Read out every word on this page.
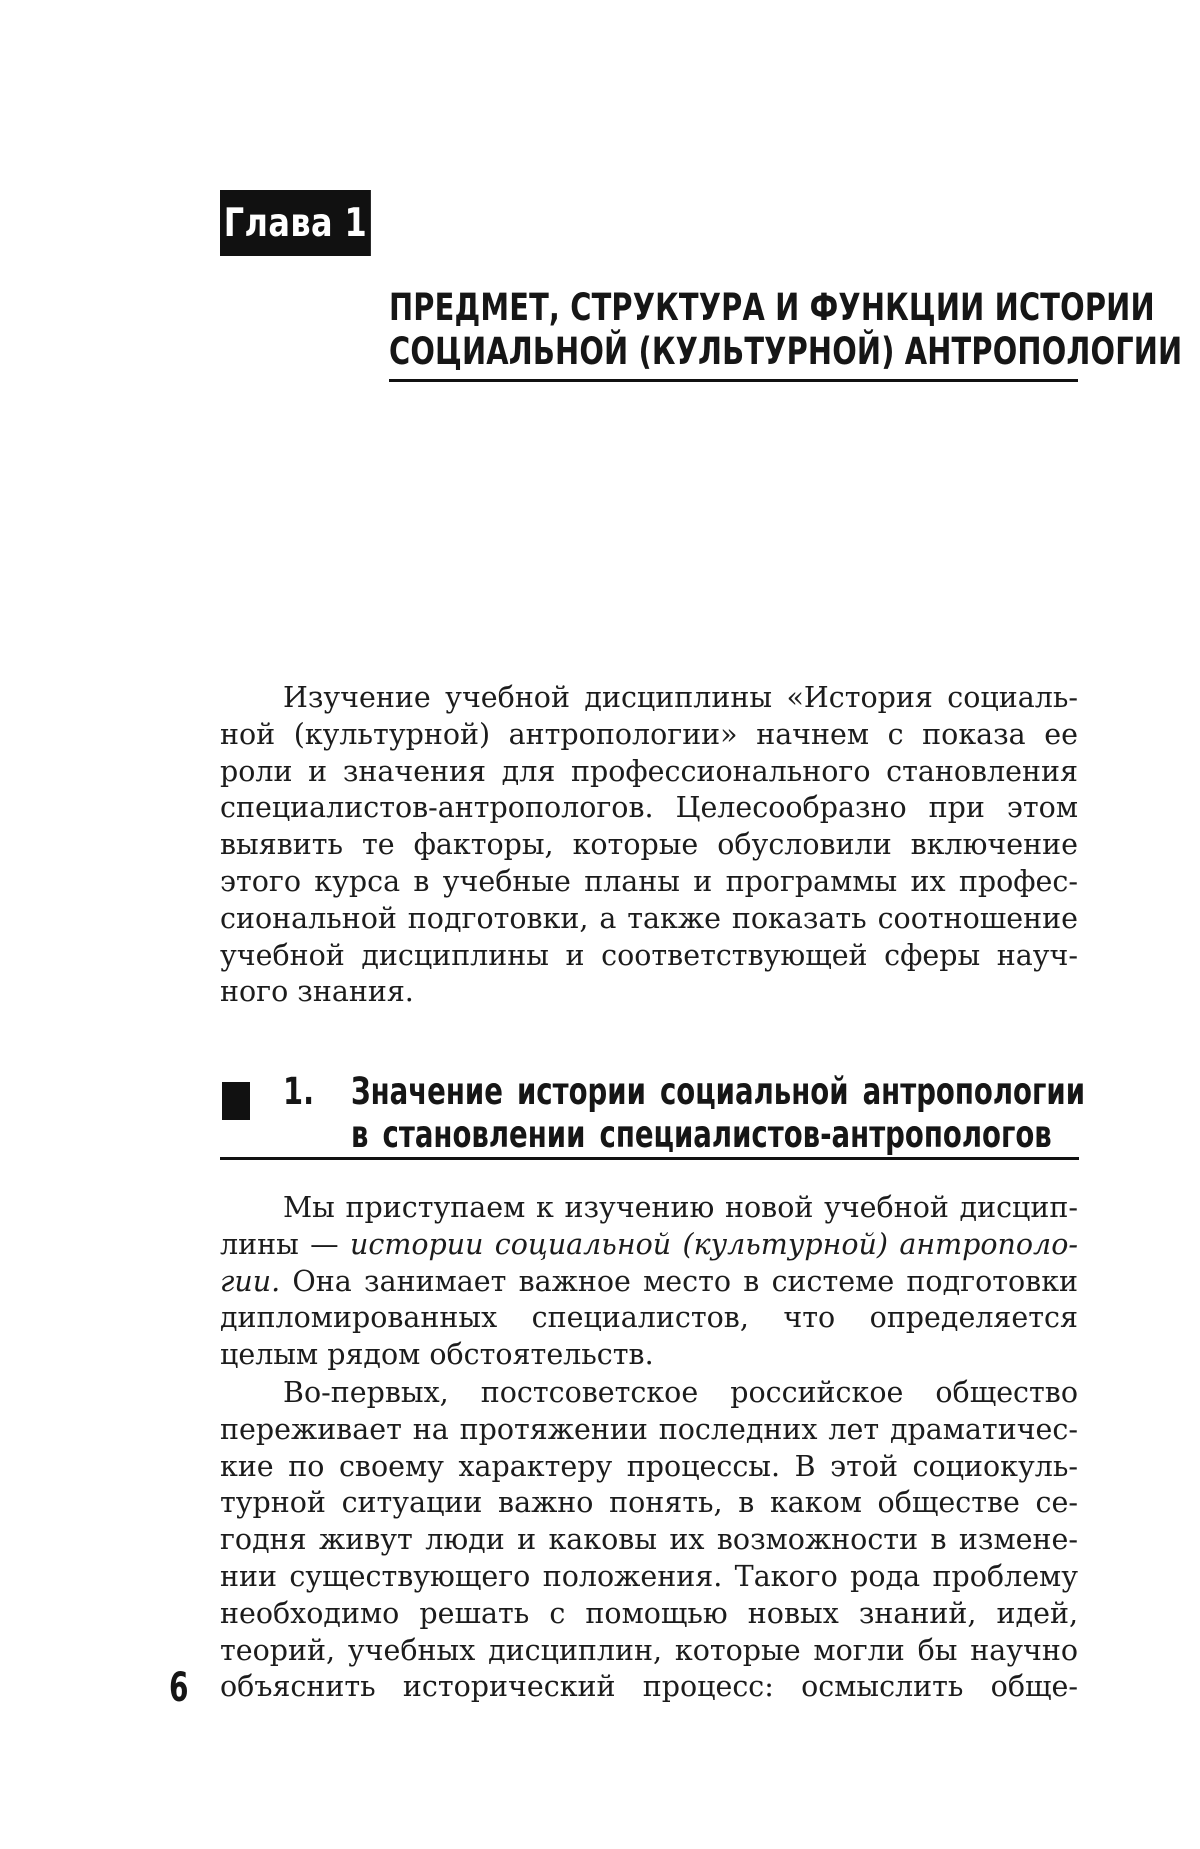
Глава 1
ПРЕДМЕТ, СТРУКТУРА И ФУНКЦИИ ИСТОРИИ
СОЦИАЛЬНОЙ (КУЛЬТУРНОЙ) АНТРОПОЛОГИИ
Изучение учебной дисциплины «История социаль-
ной (культурной) антропологии» начнем с показа ее
роли и значения для профессионального становления
специалистов-антропологов. Целесообразно при этом
выявить те факторы, которые обусловили включение
этого курса в учебные планы и программы их профес-
сиональной подготовки, а также показать соотношение
учебной дисциплины и соответствующей сферы науч-
ного знания.
1. Значение истории социальной антропологии
в становлении специалистов-антропологов
Мы приступаем к изучению новой учебной дисцип-
лины — истории социальной (культурной) антрополо-
гии. Она занимает важное место в системе подготовки
дипломированных специалистов, что определяется
целым рядом обстоятельств.
Во-первых, постсоветское российское общество
переживает на протяжении последних лет драматичес-
кие по своему характеру процессы. В этой социокуль-
турной ситуации важно понять, в каком обществе се-
годня живут люди и каковы их возможности в измене-
нии существующего положения. Такого рода проблему
необходимо решать с помощью новых знаний, идей,
теорий, учебных дисциплин, которые могли бы научно
объяснить исторический процесс: осмыслить обще-
6
